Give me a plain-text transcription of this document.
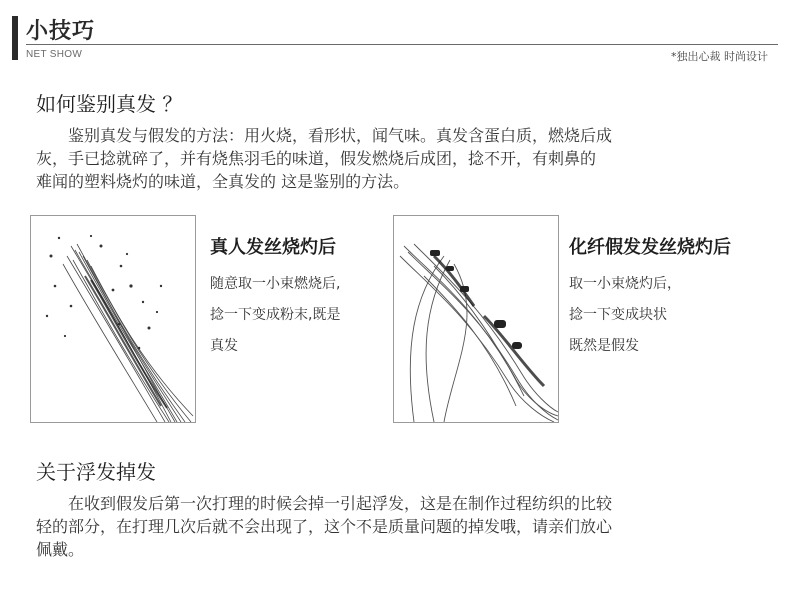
小技巧
NET SHOW	*独出心裁 时尚设计
如何鉴别真发 ？
鉴别真发与假发的方法：用火烧，看形状，闻气味。真发含蛋白质，燃烧后成
灰，手已捻就碎了，并有烧焦羽毛的味道，假发燃烧后成团，捻不开，有刺鼻的
难闻的塑料烧灼的味道，全真发的 这是鉴别的方法。
真人发丝烧灼后
随意取一小束燃烧后,
捻一下变成粉末,既是
真发
化纤假发发丝烧灼后
取一小束烧灼后，
捻一下变成块状
既然是假发
关于浮发掉发
在收到假发后第一次打理的时候会掉一引起浮发，这是在制作过程纺织的比较
轻的部分，在打理几次后就不会出现了，这个不是质量问题的掉发哦，请亲们放心
佩戴。
